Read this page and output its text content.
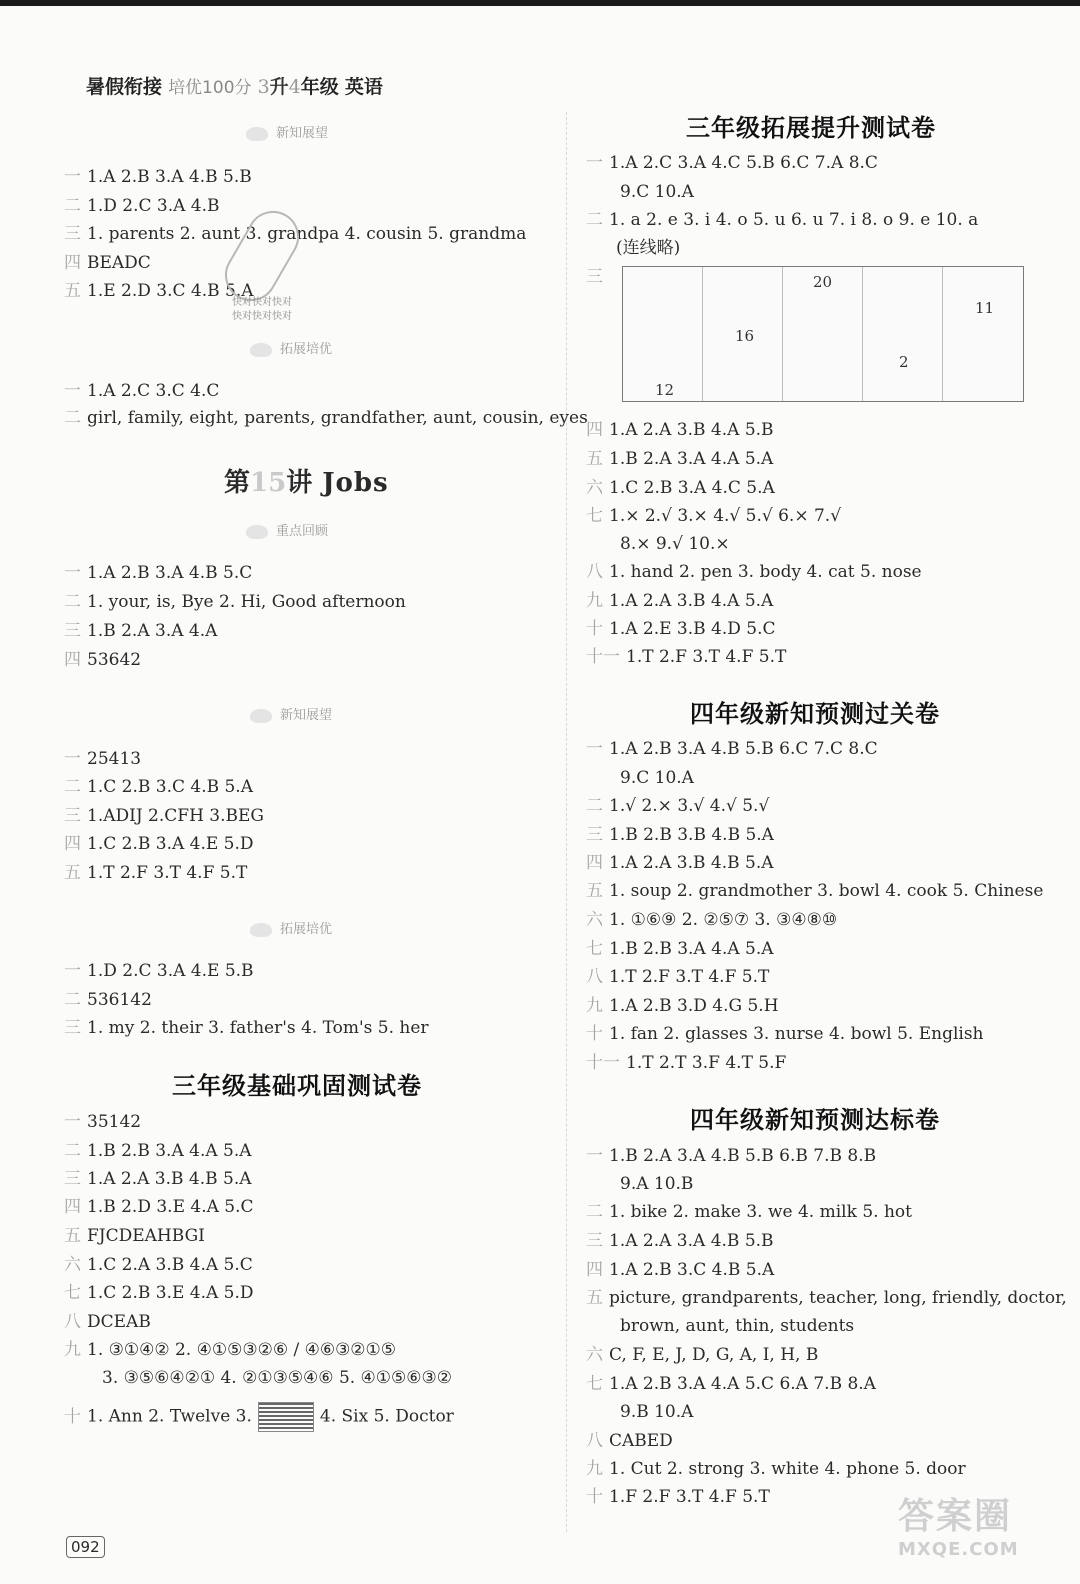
暑假衔接 培优100分 3升4年级 英语
新知展望
一 1.A 2.B 3.A 4.B 5.B
二 1.D 2.C 3.A 4.B
三 1. parents 2. aunt 3. grandpa 4. cousin 5. grandma
四 BEADC
五 1.E 2.D 3.C 4.B 5.A
快对快对快对
快对快对快对
拓展培优
一 1.A 2.C 3.C 4.C
二 girl, family, eight, parents, grandfather, aunt, cousin, eyes
第15讲 Jobs
重点回顾
一 1.A 2.B 3.A 4.B 5.C
二 1. your, is, Bye 2. Hi, Good afternoon
三 1.B 2.A 3.A 4.A
四 53642
新知展望
一 25413
二 1.C 2.B 3.C 4.B 5.A
三 1.ADIJ 2.CFH 3.BEG
四 1.C 2.B 3.A 4.E 5.D
五 1.T 2.F 3.T 4.F 5.T
拓展培优
一 1.D 2.C 3.A 4.E 5.B
二 536142
三 1. my 2. their 3. father's 4. Tom's 5. her
三年级基础巩固测试卷
一 35142
二 1.B 2.B 3.A 4.A 5.A
三 1.A 2.A 3.B 4.B 5.A
四 1.B 2.D 3.E 4.A 5.C
五 FJCDEAHBGI
六 1.C 2.A 3.B 4.A 5.C
七 1.C 2.B 3.E 4.A 5.D
八 DCEAB
九 1. ③①④② 2. ④①⑤③②⑥ / ④⑥③②①⑤
3. ③⑤⑥④②① 4. ②①③⑤④⑥ 5. ④①⑤⑥③②
十 1. Ann 2. Twelve 3.	4. Six 5. Doctor
三年级拓展提升测试卷
一 1.A 2.C 3.A 4.C 5.B 6.C 7.A 8.C
9.C 10.A
二 1. a 2. e 3. i 4. o 5. u 6. u 7. i 8. o 9. e 10. a
(连线略)
三	20
11
16
2
12
四 1.A 2.A 3.B 4.A 5.B
五 1.B 2.A 3.A 4.A 5.A
六 1.C 2.B 3.A 4.C 5.A
七 1.× 2.√ 3.× 4.√ 5.√ 6.× 7.√
8.× 9.√ 10.×
八 1. hand 2. pen 3. body 4. cat 5. nose
九 1.A 2.A 3.B 4.A 5.A
十 1.A 2.E 3.B 4.D 5.C
十一 1.T 2.F 3.T 4.F 5.T
四年级新知预测过关卷
一 1.A 2.B 3.A 4.B 5.B 6.C 7.C 8.C
9.C 10.A
二 1.√ 2.× 3.√ 4.√ 5.√
三 1.B 2.B 3.B 4.B 5.A
四 1.A 2.A 3.B 4.B 5.A
五 1. soup 2. grandmother 3. bowl 4. cook 5. Chinese
六 1. ①⑥⑨ 2. ②⑤⑦ 3. ③④⑧⑩
七 1.B 2.B 3.A 4.A 5.A
八 1.T 2.F 3.T 4.F 5.T
九 1.A 2.B 3.D 4.G 5.H
十 1. fan 2. glasses 3. nurse 4. bowl 5. English
十一 1.T 2.T 3.F 4.T 5.F
四年级新知预测达标卷
一 1.B 2.A 3.A 4.B 5.B 6.B 7.B 8.B
9.A 10.B
二 1. bike 2. make 3. we 4. milk 5. hot
三 1.A 2.A 3.A 4.B 5.B
四 1.A 2.B 3.C 4.B 5.A
五 picture, grandparents, teacher, long, friendly, doctor,
brown, aunt, thin, students
六 C, F, E, J, D, G, A, I, H, B
七 1.A 2.B 3.A 4.A 5.C 6.A 7.B 8.A
9.B 10.A
八 CABED
九 1. Cut 2. strong 3. white 4. phone 5. door
十 1.F 2.F 3.T 4.F 5.T
092
答案圈
MXQE.COM
